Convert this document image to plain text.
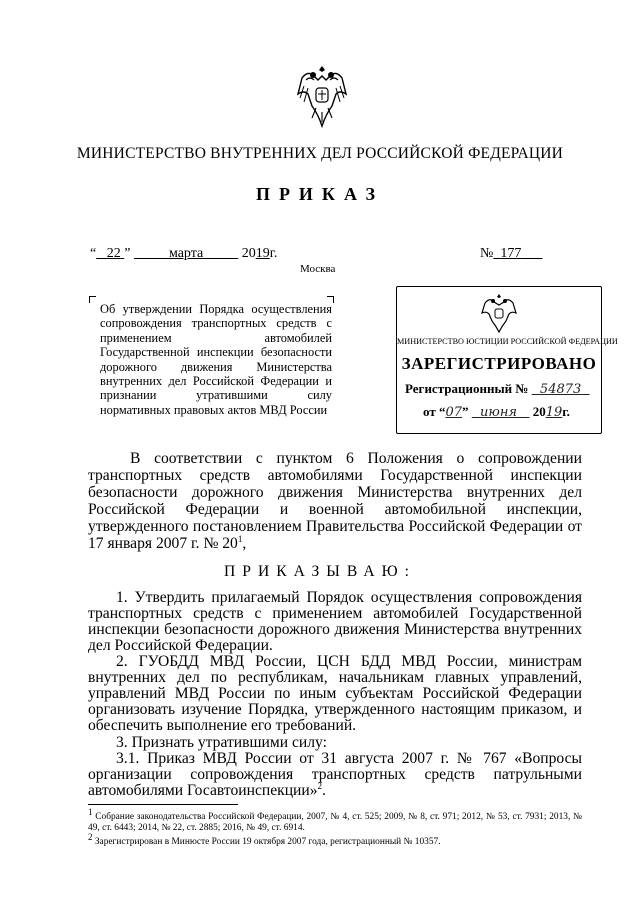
МИНИСТЕРСТВО ВНУТРЕННИХ ДЕЛ РОССИЙСКОЙ ФЕДЕРАЦИИ
ПРИКАЗ
“ 22 ”	марта	2019г.	№ 177
Москва
Об утверждении Порядка осуществления сопровождения транспортных средств с применением автомобилей Государственной инспекции безопасности дорожного движения Министерства внутренних дел Российской Федерации и признании утратившими силу нормативных правовых актов МВД России
МИНИСТЕРСТВО ЮСТИЦИИ РОССИЙСКОЙ ФЕДЕРАЦИИ
ЗАРЕГИСТРИРОВАНО
Регистрационный № 54873
от “07” июня 2019г.
В соответствии с пунктом 6 Положения о сопровождении транспортных средств автомобилями Государственной инспекции безопасности дорожного движения Министерства внутренних дел Российской Федерации и военной автомобильной инспекции, утвержденного постановлением Правительства Российской Федерации от 17 января 2007 г. № $20^1$,
ПРИКАЗЫВАЮ:
1. Утвердить прилагаемый Порядок осуществления сопровождения транспортных средств с применением автомобилей Государственной инспекции безопасности дорожного движения Министерства внутренних дел Российской Федерации.
2. ГУОБДД МВД России, ЦСН БДД МВД России, министрам внутренних дел по республикам, начальникам главных управлений, управлений МВД России по иным субъектам Российской Федерации организовать изучение Порядка, утвержденного настоящим приказом, и обеспечить выполнение его требований.
3. Признать утратившими силу:
3.1. Приказ МВД России от 31 августа 2007 г. № 767 «Вопросы организации сопровождения транспортных средств патрульными автомобилями Госавтоинспекции»$^2$.
$^1$ Собрание законодательства Российской Федерации, 2007, № 4, ст. 525; 2009, № 8, ст. 971; 2012, № 53, ст. 7931; 2013, № 49, ст. 6443; 2014, № 22, ст. 2885; 2016, № 49, ст. 6914.
$^2$ Зарегистрирован в Минюсте России 19 октября 2007 года, регистрационный № 10357.
